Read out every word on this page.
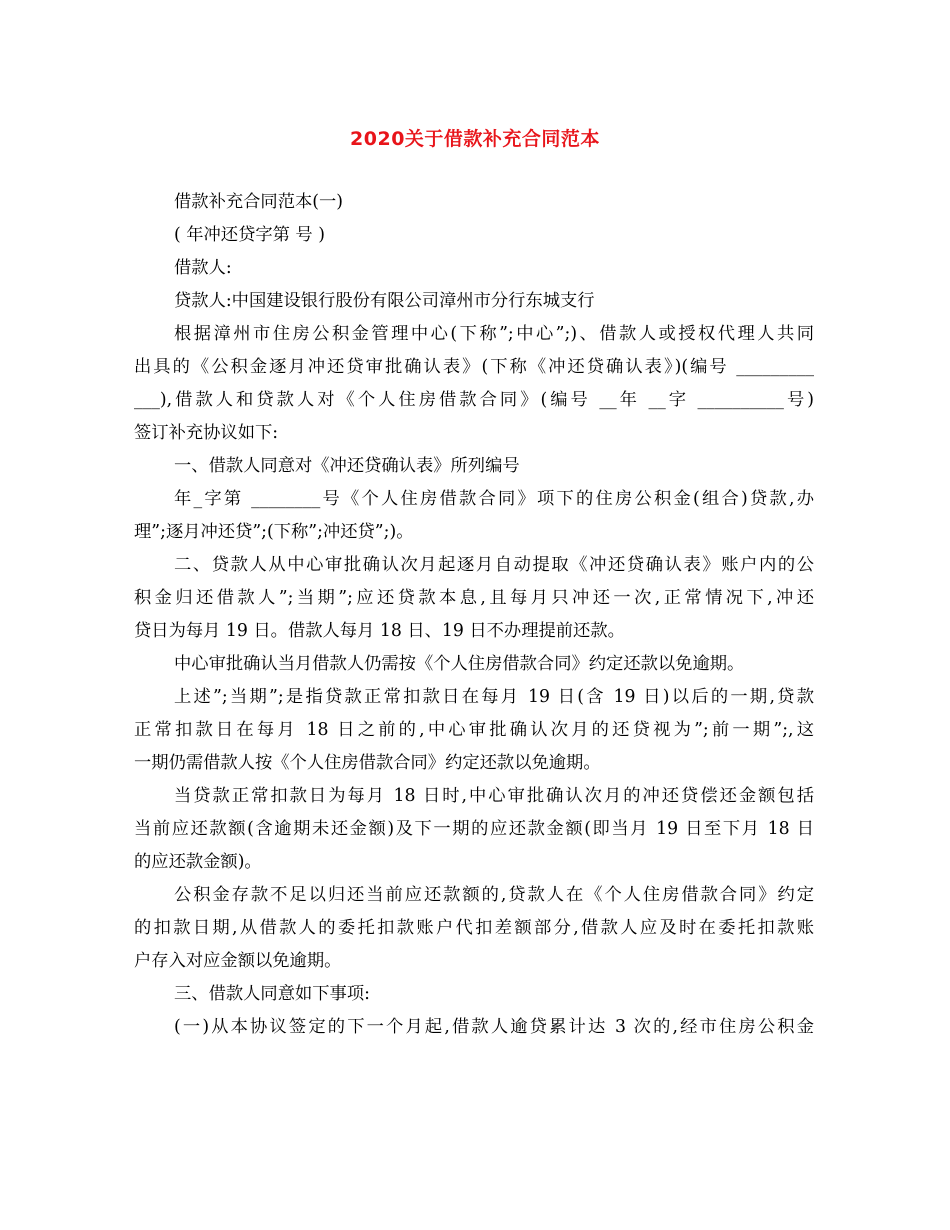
2020关于借款补充合同范本
借款补充合同范本(一)
( 年冲还贷字第 号 )
借款人:
贷款人:中国建设银行股份有限公司漳州市分行东城支行
根据漳州市住房公积金管理中心(下称”;中心”;)、借款人或授权代理人共同
出具的《公积金逐月冲还贷审批确认表》(下称《冲还贷确认表》)(编号 _________
___),借款人和贷款人对《个人住房借款合同》(编号 __年 __字 __________号)
签订补充协议如下:
一、借款人同意对《冲还贷确认表》所列编号
年_字第 ________号《个人住房借款合同》项下的住房公积金(组合)贷款,办
理”;逐月冲还贷”;(下称”;冲还贷”;)。
二、贷款人从中心审批确认次月起逐月自动提取《冲还贷确认表》账户内的公
积金归还借款人”;当期”;应还贷款本息,且每月只冲还一次,正常情况下,冲还
贷日为每月 19 日。借款人每月 18 日、19 日不办理提前还款。
中心审批确认当月借款人仍需按《个人住房借款合同》约定还款以免逾期。
上述”;当期”;是指贷款正常扣款日在每月 19 日(含 19 日)以后的一期,贷款
正常扣款日在每月 18 日之前的,中心审批确认次月的还贷视为”;前一期”;,这
一期仍需借款人按《个人住房借款合同》约定还款以免逾期。
当贷款正常扣款日为每月 18 日时,中心审批确认次月的冲还贷偿还金额包括
当前应还款额(含逾期未还金额)及下一期的应还款金额(即当月 19 日至下月 18 日
的应还款金额)。
公积金存款不足以归还当前应还款额的,贷款人在《个人住房借款合同》约定
的扣款日期,从借款人的委托扣款账户代扣差额部分,借款人应及时在委托扣款账
户存入对应金额以免逾期。
三、借款人同意如下事项:
(一)从本协议签定的下一个月起,借款人逾贷累计达 3 次的,经市住房公积金
